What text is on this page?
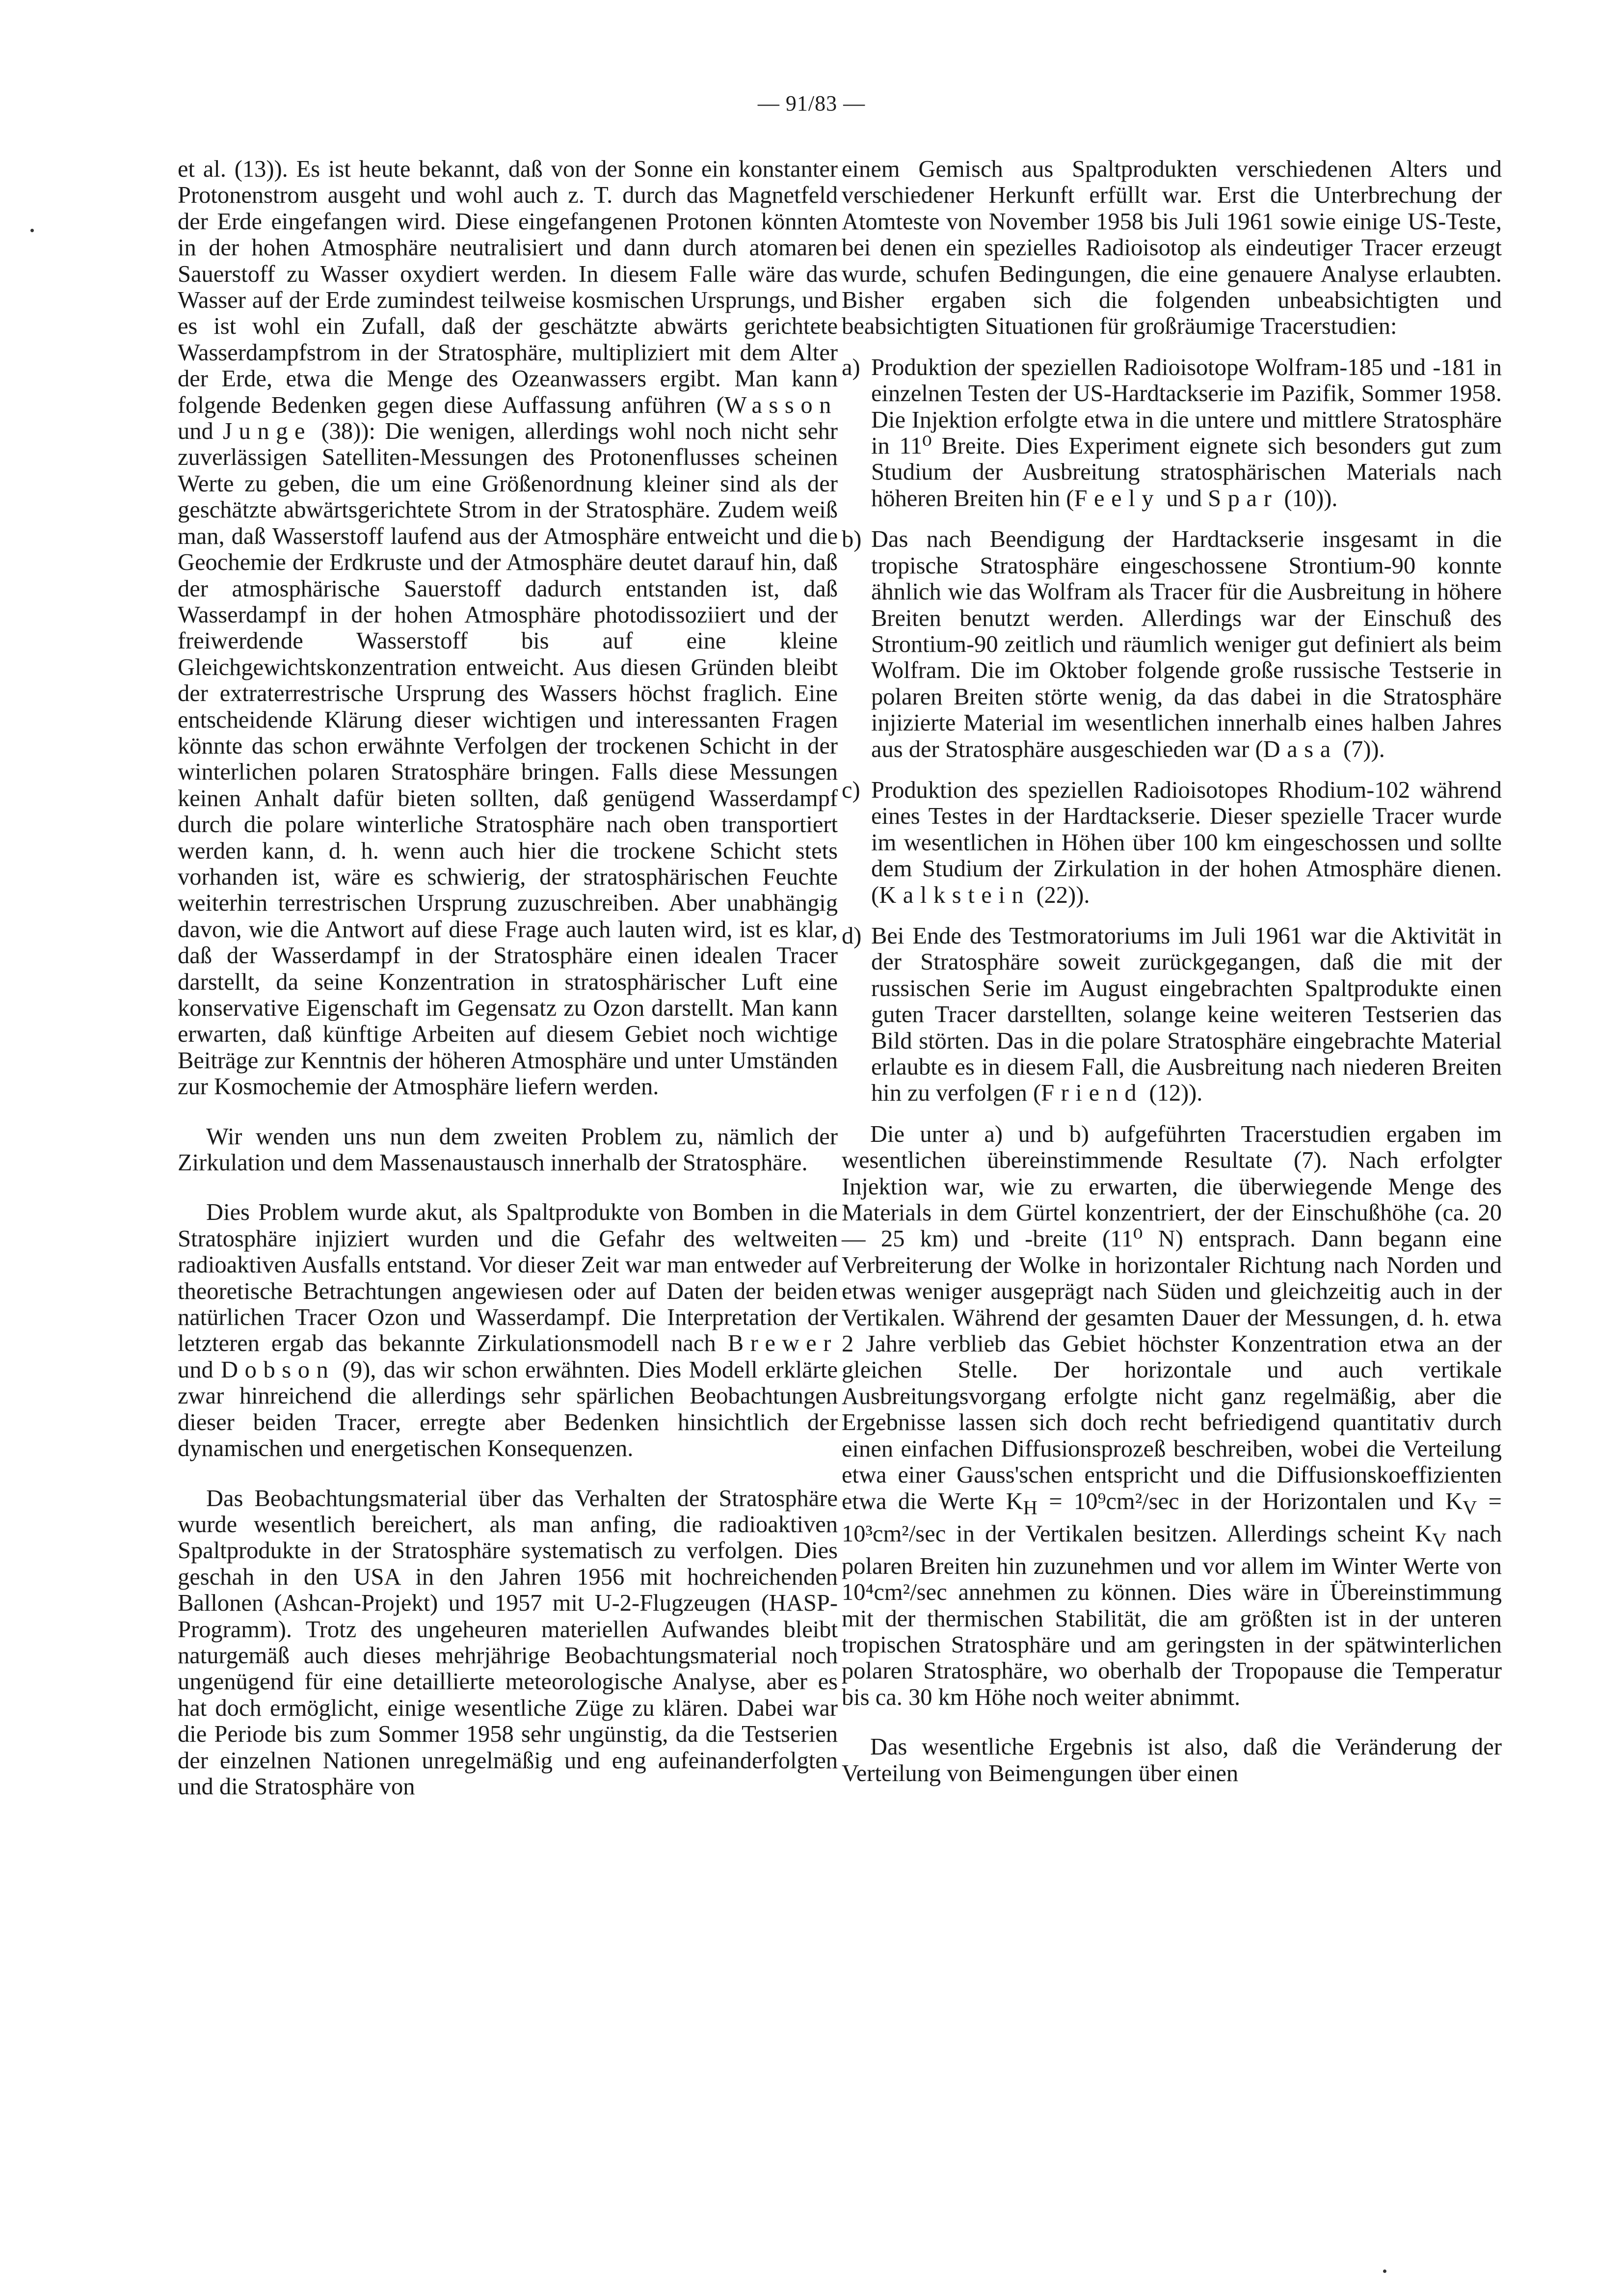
— 91/83 —

et al. (13)). Es ist heute bekannt, daß von der Sonne ein konstanter Protonenstrom ausgeht und wohl auch z. T. durch das Magnetfeld der Erde eingefangen wird. Diese eingefangenen Protonen könnten in der hohen Atmosphäre neutralisiert und dann durch atomaren Sauerstoff zu Wasser oxydiert werden. In diesem Falle wäre das Wasser auf der Erde zumindest teilweise kosmischen Ursprungs, und es ist wohl ein Zufall, daß der geschätzte abwärts gerichtete Wasserdampfstrom in der Stratosphäre, multipliziert mit dem Alter der Erde, etwa die Menge des Ozeanwassers ergibt. Man kann folgende Bedenken gegen diese Auffassung anführen (Wasson und Junge (38)): Die wenigen, allerdings wohl noch nicht sehr zuverlässigen Satelliten-Messungen des Protonenflusses scheinen Werte zu geben, die um eine Größenordnung kleiner sind als der geschätzte abwärtsgerichtete Strom in der Stratosphäre. Zudem weiß man, daß Wasserstoff laufend aus der Atmosphäre entweicht und die Geochemie der Erdkruste und der Atmosphäre deutet darauf hin, daß der atmosphärische Sauerstoff dadurch entstanden ist, daß Wasserdampf in der hohen Atmosphäre photodissoziiert und der freiwerdende Wasserstoff bis auf eine kleine Gleichgewichtskonzentration entweicht. Aus diesen Gründen bleibt der extraterrestrische Ursprung des Wassers höchst fraglich. Eine entscheidende Klärung dieser wichtigen und interessanten Fragen könnte das schon erwähnte Verfolgen der trockenen Schicht in der winterlichen polaren Stratosphäre bringen. Falls diese Messungen keinen Anhalt dafür bieten sollten, daß genügend Wasserdampf durch die polare winterliche Stratosphäre nach oben transportiert werden kann, d. h. wenn auch hier die trockene Schicht stets vorhanden ist, wäre es schwierig, der stratosphärischen Feuchte weiterhin terrestrischen Ursprung zuzuschreiben. Aber unabhängig davon, wie die Antwort auf diese Frage auch lauten wird, ist es klar, daß der Wasserdampf in der Stratosphäre einen idealen Tracer darstellt, da seine Konzentration in stratosphärischer Luft eine konservative Eigenschaft im Gegensatz zu Ozon darstellt. Man kann erwarten, daß künftige Arbeiten auf diesem Gebiet noch wichtige Beiträge zur Kenntnis der höheren Atmosphäre und unter Umständen zur Kosmochemie der Atmosphäre liefern werden.

Wir wenden uns nun dem zweiten Problem zu, nämlich der Zirkulation und dem Massenaustausch innerhalb der Stratosphäre.

Dies Problem wurde akut, als Spaltprodukte von Bomben in die Stratosphäre injiziert wurden und die Gefahr des weltweiten radioaktiven Ausfalls entstand. Vor dieser Zeit war man entweder auf theoretische Betrachtungen angewiesen oder auf Daten der beiden natürlichen Tracer Ozon und Wasserdampf. Die Interpretation der letzteren ergab das bekannte Zirkulationsmodell nach Brewer und Dobson (9), das wir schon erwähnten. Dies Modell erklärte zwar hinreichend die allerdings sehr spärlichen Beobachtungen dieser beiden Tracer, erregte aber Bedenken hinsichtlich der dynamischen und energetischen Konsequenzen.

Das Beobachtungsmaterial über das Verhalten der Stratosphäre wurde wesentlich bereichert, als man anfing, die radioaktiven Spaltprodukte in der Stratosphäre systematisch zu verfolgen. Dies geschah in den USA in den Jahren 1956 mit hochreichenden Ballonen (Ashcan-Projekt) und 1957 mit U-2-Flugzeugen (HASP-Programm). Trotz des ungeheuren materiellen Aufwandes bleibt naturgemäß auch dieses mehrjährige Beobachtungsmaterial noch ungenügend für eine detaillierte meteorologische Analyse, aber es hat doch ermöglicht, einige wesentliche Züge zu klären. Dabei war die Periode bis zum Sommer 1958 sehr ungünstig, da die Testserien der einzelnen Nationen unregelmäßig und eng aufeinanderfolgten und die Stratosphäre von

einem Gemisch aus Spaltprodukten verschiedenen Alters und verschiedener Herkunft erfüllt war. Erst die Unterbrechung der Atomteste von November 1958 bis Juli 1961 sowie einige US-Teste, bei denen ein spezielles Radioisotop als eindeutiger Tracer erzeugt wurde, schufen Bedingungen, die eine genauere Analyse erlaubten. Bisher ergaben sich die folgenden unbeabsichtigten und beabsichtigten Situationen für großräumige Tracerstudien:

a) Produktion der speziellen Radioisotope Wolfram-185 und -181 in einzelnen Testen der US-Hardtackserie im Pazifik, Sommer 1958. Die Injektion erfolgte etwa in die untere und mittlere Stratosphäre in 11⁰ Breite. Dies Experiment eignete sich besonders gut zum Studium der Ausbreitung stratosphärischen Materials nach höheren Breiten hin (Feely und Spar (10)).
b) Das nach Beendigung der Hardtackserie insgesamt in die tropische Stratosphäre eingeschossene Strontium-90 konnte ähnlich wie das Wolfram als Tracer für die Ausbreitung in höhere Breiten benutzt werden. Allerdings war der Einschuß des Strontium-90 zeitlich und räumlich weniger gut definiert als beim Wolfram. Die im Oktober folgende große russische Testserie in polaren Breiten störte wenig, da das dabei in die Stratosphäre injizierte Material im wesentlichen innerhalb eines halben Jahres aus der Stratosphäre ausgeschieden war (Dasa (7)).
c) Produktion des speziellen Radioisotopes Rhodium-102 während eines Testes in der Hardtackserie. Dieser spezielle Tracer wurde im wesentlichen in Höhen über 100 km eingeschossen und sollte dem Studium der Zirkulation in der hohen Atmosphäre dienen. (Kalkstein (22)).
d) Bei Ende des Testmoratoriums im Juli 1961 war die Aktivität in der Stratosphäre soweit zurückgegangen, daß die mit der russischen Serie im August eingebrachten Spaltprodukte einen guten Tracer darstellten, solange keine weiteren Testserien das Bild störten. Das in die polare Stratosphäre eingebrachte Material erlaubte es in diesem Fall, die Ausbreitung nach niederen Breiten hin zu verfolgen (Friend (12)).

Die unter a) und b) aufgeführten Tracerstudien ergaben im wesentlichen übereinstimmende Resultate (7). Nach erfolgter Injektion war, wie zu erwarten, die überwiegende Menge des Materials in dem Gürtel konzentriert, der der Einschußhöhe (ca. 20 — 25 km) und -breite (11⁰ N) entsprach. Dann begann eine Verbreiterung der Wolke in horizontaler Richtung nach Norden und etwas weniger ausgeprägt nach Süden und gleichzeitig auch in der Vertikalen. Während der gesamten Dauer der Messungen, d. h. etwa 2 Jahre verblieb das Gebiet höchster Konzentration etwa an der gleichen Stelle. Der horizontale und auch vertikale Ausbreitungsvorgang erfolgte nicht ganz regelmäßig, aber die Ergebnisse lassen sich doch recht befriedigend quantitativ durch einen einfachen Diffusionsprozeß beschreiben, wobei die Verteilung etwa einer Gauss'schen entspricht und die Diffusionskoeffizienten etwa die Werte $K_H = 10^9cm^2/\sec$ in der Horizontalen und $K_V = 10^3cm^2/\sec$ in der Vertikalen besitzen. Allerdings scheint $K_V$ nach polaren Breiten hin zuzunehmen und vor allem im Winter Werte von 10⁴cm²/sec annehmen zu können. Dies wäre in Übereinstimmung mit der thermischen Stabilität, die am größten ist in der unteren tropischen Stratosphäre und am geringsten in der spätwinterlichen polaren Stratosphäre, wo oberhalb der Tropopause die Temperatur bis ca. 30 km Höhe noch weiter abnimmt.

Das wesentliche Ergebnis ist also, daß die Veränderung der Verteilung von Beimengungen über einen
